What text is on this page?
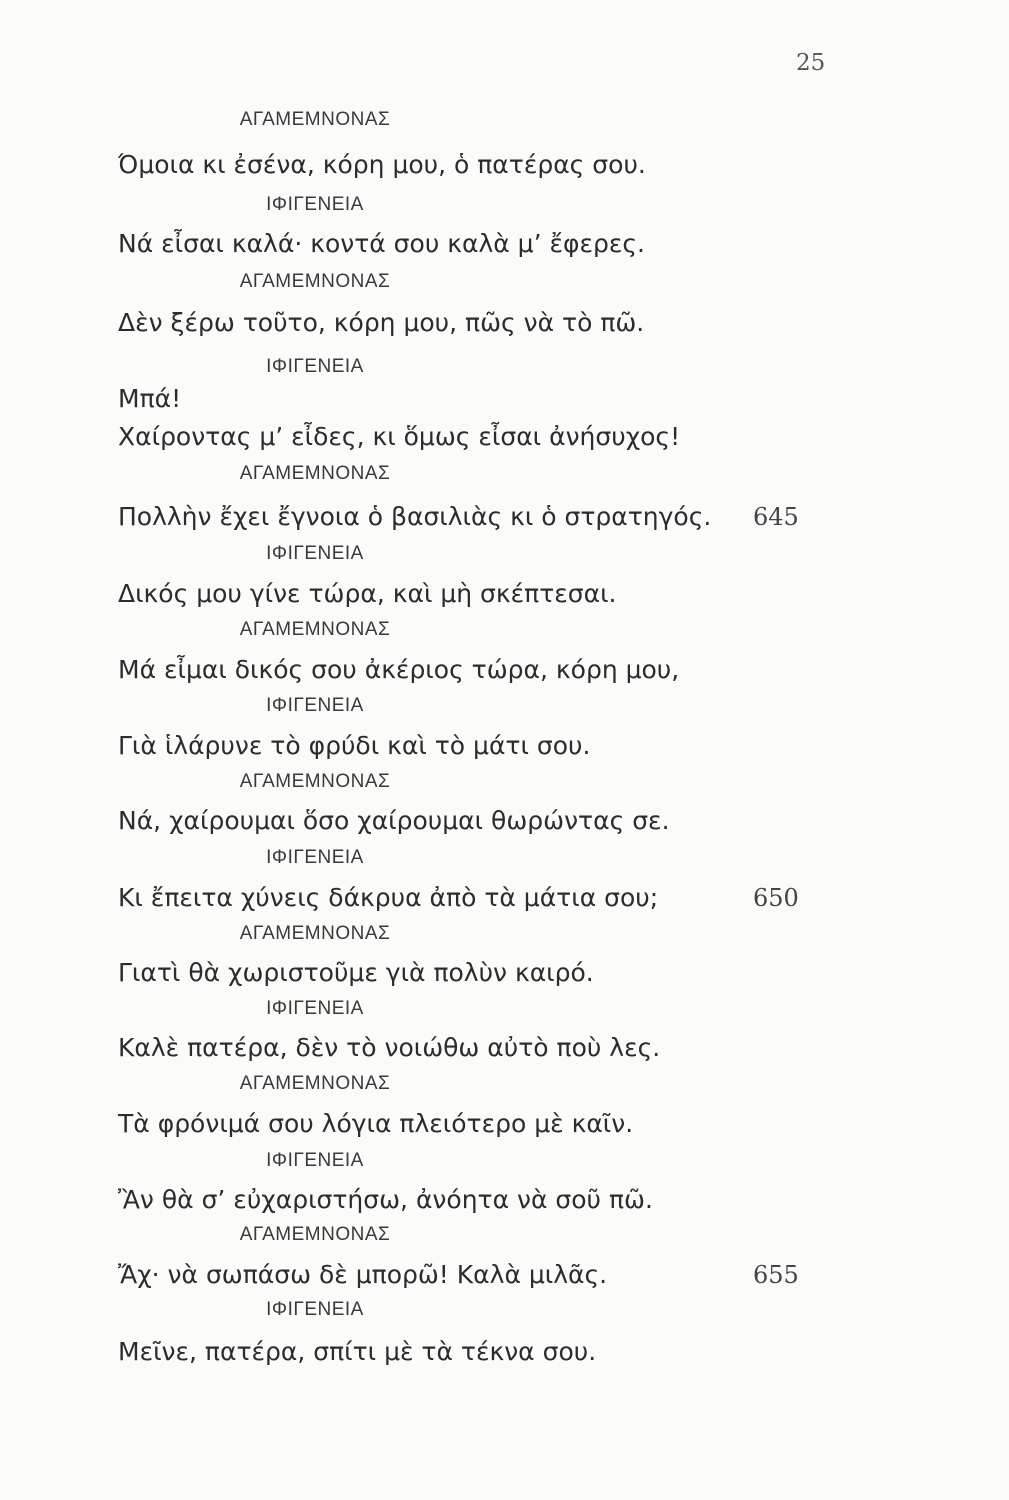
25
ΑΓΑΜΕΜΝΟΝΑΣ
Όμοια κι ἐσένα, κόρη μου, ὁ πατέρας σου.
ΙΦΙΓΕΝΕΙΑ
Νά εἶσαι καλά· κοντά σου καλὰ μ’ ἔφερες.
ΑΓΑΜΕΜΝΟΝΑΣ
Δὲν ξέρω τοῦτο, κόρη μου, πῶς νὰ τὸ πῶ.
ΙΦΙΓΕΝΕΙΑ
Μπά!
Χαίροντας μ’ εἶδες, κι ὅμως εἶσαι ἀνήσυχος!
ΑΓΑΜΕΜΝΟΝΑΣ
Πολλὴν ἔχει ἔγνοια ὁ βασιλιὰς κι ὁ στρατηγός. 645
ΙΦΙΓΕΝΕΙΑ
Δικός μου γίνε τώρα, καὶ μὴ σκέπτεσαι.
ΑΓΑΜΕΜΝΟΝΑΣ
Μά εἶμαι δικός σου ἀκέριος τώρα, κόρη μου,
ΙΦΙΓΕΝΕΙΑ
Γιὰ ἱλάρυνε τὸ φρύδι καὶ τὸ μάτι σου.
ΑΓΑΜΕΜΝΟΝΑΣ
Νά, χαίρουμαι ὅσο χαίρουμαι θωρώντας σε.
ΙΦΙΓΕΝΕΙΑ
Κι ἔπειτα χύνεις δάκρυα ἀπὸ τὰ μάτια σου;	650
ΑΓΑΜΕΜΝΟΝΑΣ
Γιατὶ θὰ χωριστοῦμε γιὰ πολὺν καιρό.
ΙΦΙΓΕΝΕΙΑ
Καλὲ πατέρα, δὲν τὸ νοιώθω αὐτὸ ποὺ λες.
ΑΓΑΜΕΜΝΟΝΑΣ
Τὰ φρόνιμά σου λόγια πλειότερο μὲ καῖν.
ΙΦΙΓΕΝΕΙΑ
Ἂν θὰ σ’ εὐχαριστήσω, ἀνόητα νὰ σοῦ πῶ.
ΑΓΑΜΕΜΝΟΝΑΣ
Ἄχ· νὰ σωπάσω δὲ μπορῶ! Καλὰ μιλᾶς.	655
ΙΦΙΓΕΝΕΙΑ
Μεῖνε, πατέρα, σπίτι μὲ τὰ τέκνα σου.
